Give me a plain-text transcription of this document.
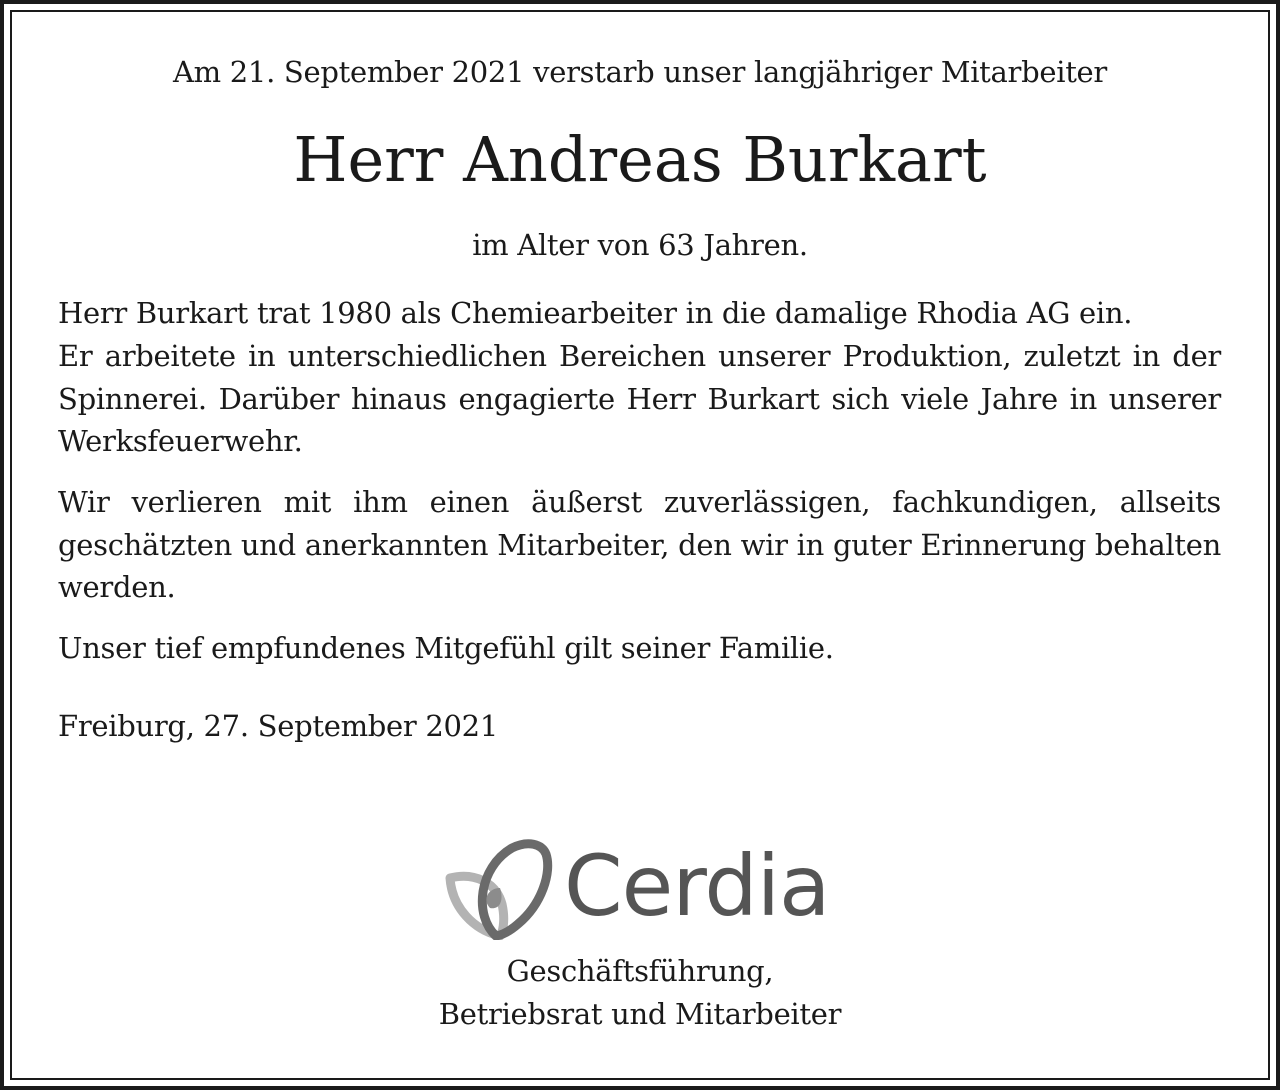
Am 21. September 2021 verstarb unser langjähriger Mitarbeiter
Herr Andreas Burkart
im Alter von 63 Jahren.

Herr Burkart trat 1980 als Chemiearbeiter in die damalige Rhodia AG ein.

Er arbeitete in unterschiedlichen Bereichen unserer Produktion, zuletzt in der Spinnerei. Darüber hinaus engagierte Herr Burkart sich viele Jahre in unserer Werksfeuerwehr.

Wir verlieren mit ihm einen äußerst zuverlässigen, fachkundigen, allseits geschätzten und anerkannten Mitarbeiter, den wir in guter Erinnerung behalten werden.

Unser tief empfundenes Mitgefühl gilt seiner Familie.

Freiburg, 27. September 2021

Cerdia
Geschäftsführung,
Betriebsrat und Mitarbeiter
